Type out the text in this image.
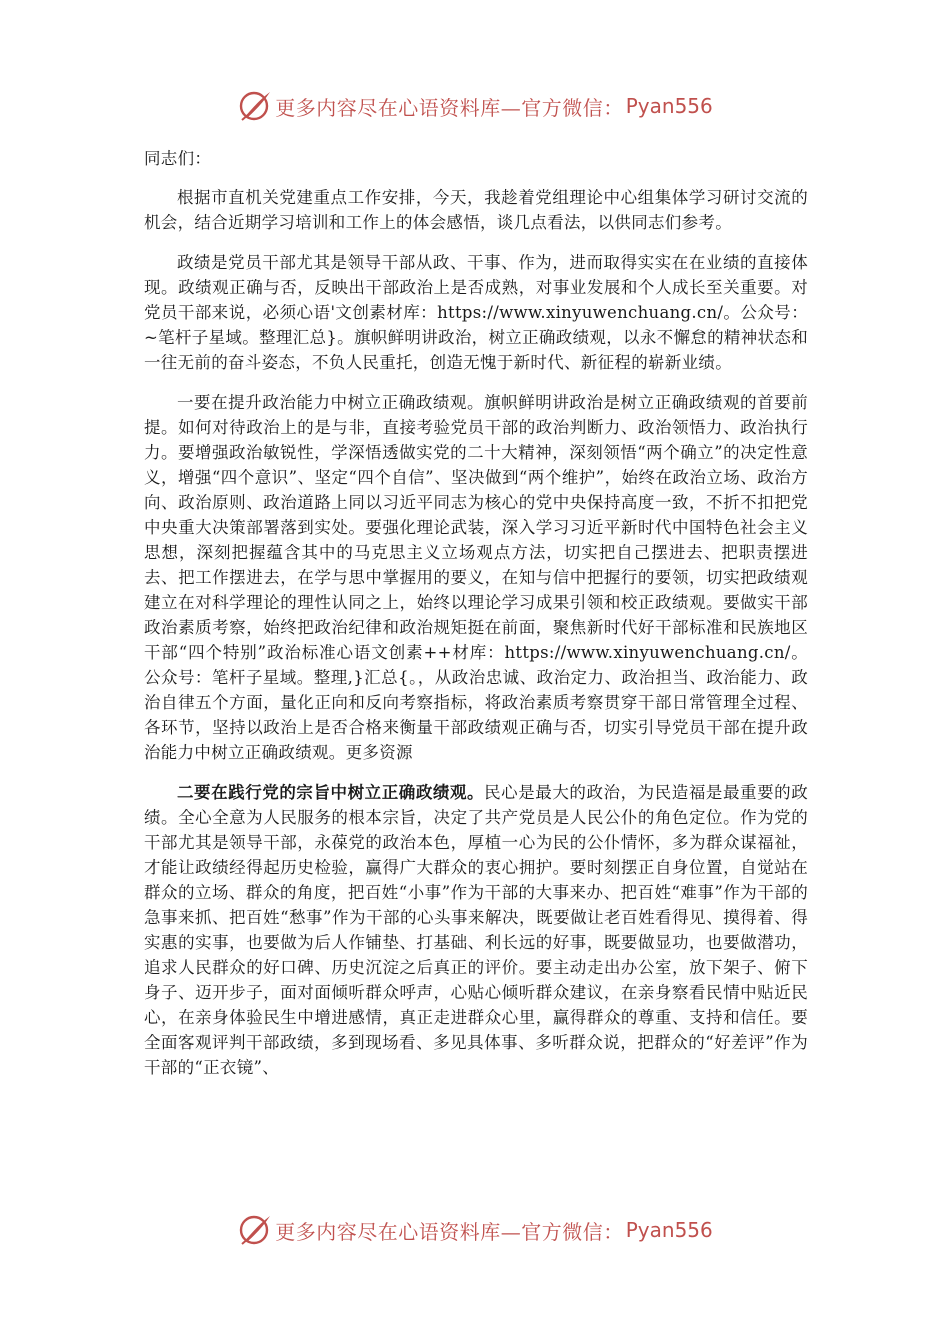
更多内容尽在心语资料库—官方微信： Pyan556

同志们：

根据市直机关党建重点工作安排，今天，我趁着党组理论中心组集体学习研讨交流的机会，结合近期学习培训和工作上的体会感悟，谈几点看法，以供同志们参考。

政绩是党员干部尤其是领导干部从政、干事、作为，进而取得实实在在业绩的直接体现。政绩观正确与否，反映出干部政治上是否成熟，对事业发展和个人成长至关重要。对党员干部来说，必须心语'文创素材库：https://www.xinyuwenchuang.cn/。公众号：~笔杆子星域。整理汇总}。旗帜鲜明讲政治，树立正确政绩观，以永不懈怠的精神状态和一往无前的奋斗姿态，不负人民重托，创造无愧于新时代、新征程的崭新业绩。

一要在提升政治能力中树立正确政绩观。旗帜鲜明讲政治是树立正确政绩观的首要前提。如何对待政治上的是与非，直接考验党员干部的政治判断力、政治领悟力、政治执行力。要增强政治敏锐性，学深悟透做实党的二十大精神，深刻领悟“两个确立”的决定性意义，增强“四个意识”、坚定“四个自信”、坚决做到“两个维护”，始终在政治立场、政治方向、政治原则、政治道路上同以习近平同志为核心的党中央保持高度一致，不折不扣把党中央重大决策部署落到实处。要强化理论武装，深入学习习近平新时代中国特色社会主义思想，深刻把握蕴含其中的马克思主义立场观点方法，切实把自己摆进去、把职责摆进去、把工作摆进去，在学与思中掌握用的要义，在知与信中把握行的要领，切实把政绩观建立在对科学理论的理性认同之上，始终以理论学习成果引领和校正政绩观。要做实干部政治素质考察，始终把政治纪律和政治规矩挺在前面，聚焦新时代好干部标准和民族地区干部“四个特别”政治标准心语文创素++材库：https://www.xinyuwenchuang.cn/。公众号：笔杆子星域。整理,}汇总{。，从政治忠诚、政治定力、政治担当、政治能力、政治自律五个方面，量化正向和反向考察指标，将政治素质考察贯穿干部日常管理全过程、各环节，坚持以政治上是否合格来衡量干部政绩观正确与否，切实引导党员干部在提升政治能力中树立正确政绩观。更多资源

二要在践行党的宗旨中树立正确政绩观。民心是最大的政治，为民造福是最重要的政绩。全心全意为人民服务的根本宗旨，决定了共产党员是人民公仆的角色定位。作为党的干部尤其是领导干部，永葆党的政治本色，厚植一心为民的公仆情怀，多为群众谋福祉，才能让政绩经得起历史检验，赢得广大群众的衷心拥护。要时刻摆正自身位置，自觉站在群众的立场、群众的角度，把百姓“小事”作为干部的大事来办、把百姓“难事”作为干部的急事来抓、把百姓“愁事”作为干部的心头事来解决，既要做让老百姓看得见、摸得着、得实惠的实事，也要做为后人作铺垫、打基础、利长远的好事，既要做显功，也要做潜功，追求人民群众的好口碑、历史沉淀之后真正的评价。要主动走出办公室，放下架子、俯下身子、迈开步子，面对面倾听群众呼声，心贴心倾听群众建议，在亲身察看民情中贴近民心，在亲身体验民生中增进感情，真正走进群众心里，赢得群众的尊重、支持和信任。要全面客观评判干部政绩，多到现场看、多见具体事、多听群众说，把群众的“好差评”作为干部的“正衣镜”、

更多内容尽在心语资料库—官方微信： Pyan556
